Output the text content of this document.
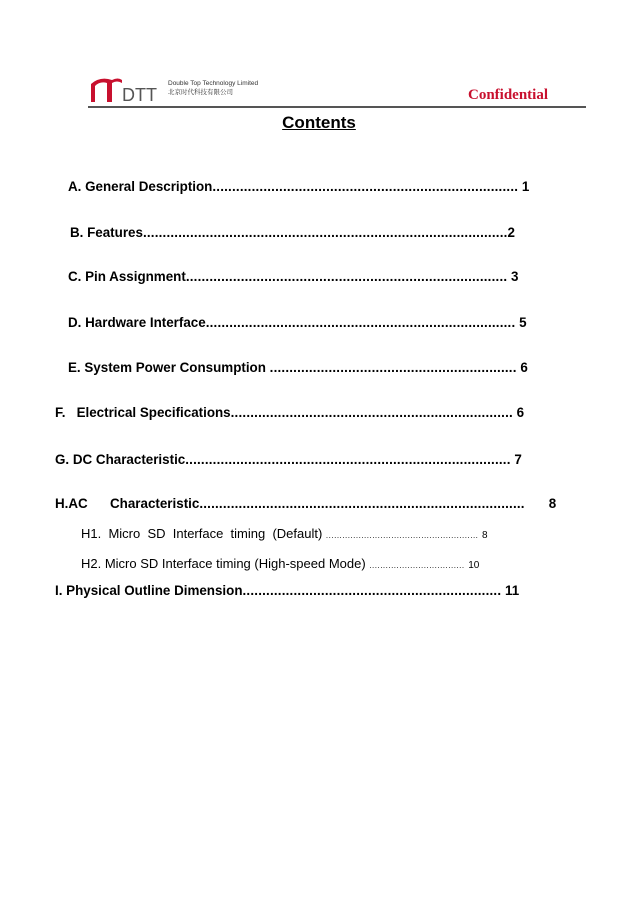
DTT
Double Top Technology Limited
北京时代科技有限公司	Confidential
Contents
A. General Description.............................................................................. 1
B. Features.............................................................................................2
C. Pin Assignment.................................................................................. 3
D. Hardware Interface............................................................................... 5
E. System Power Consumption ............................................................... 6
F.   Electrical Specifications........................................................................ 6
G. DC Characteristic................................................................................... 7
H.AC Characteristic................................................................................... 8
H1.  Micro  SD  Interface  timing  (Default) ........................................................ 8
H2. Micro SD Interface timing (High-speed Mode) ................................... 10
I. Physical Outline Dimension.................................................................. 11
